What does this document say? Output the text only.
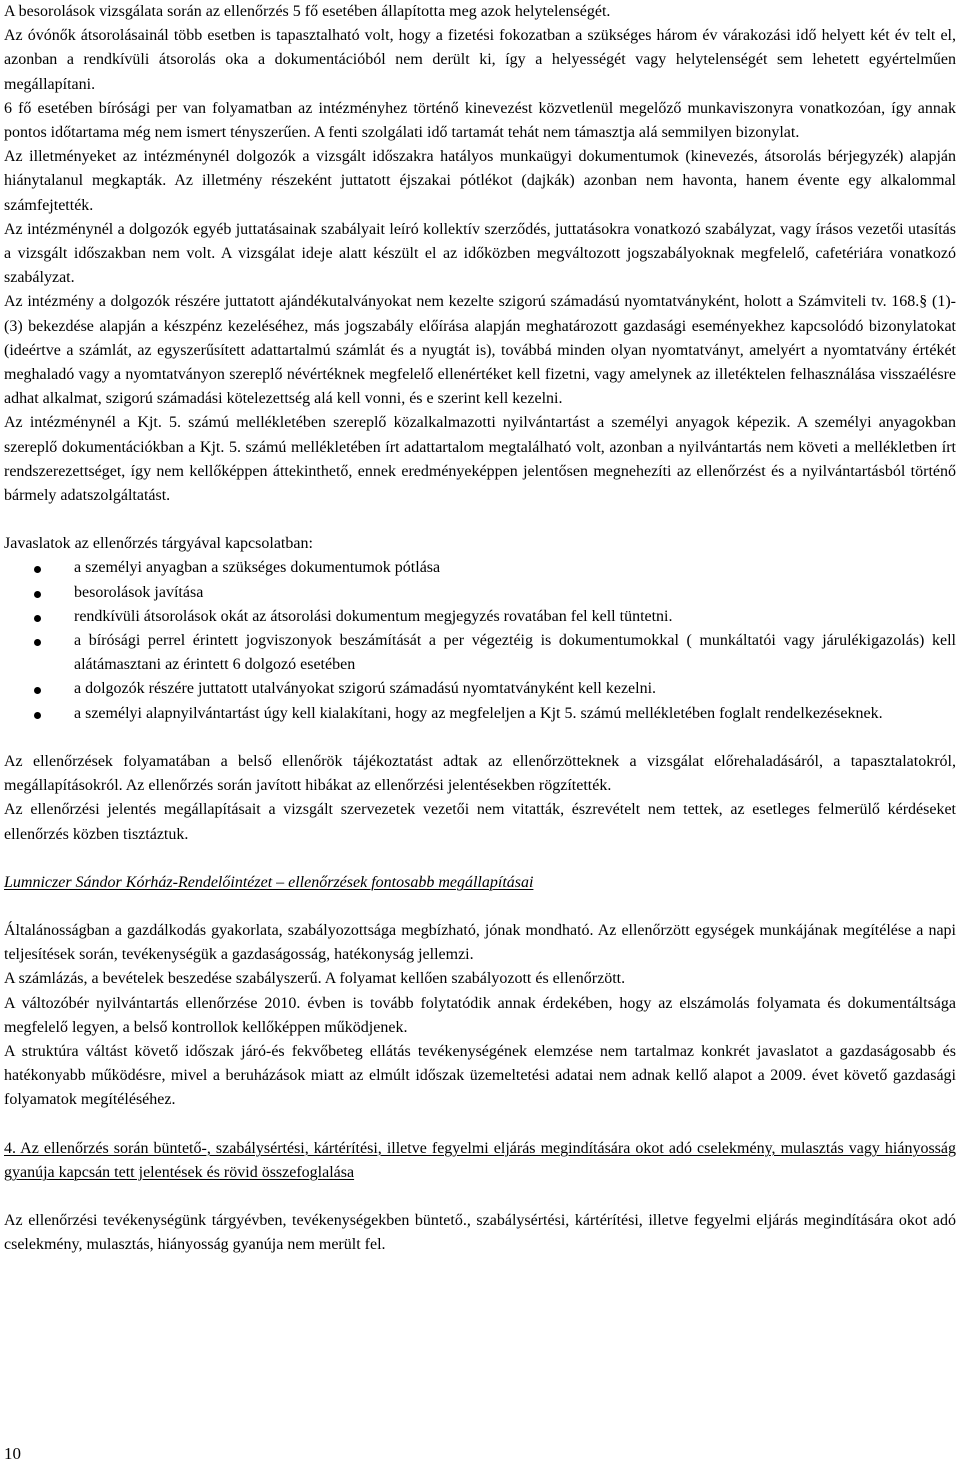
A besorolások vizsgálata során az ellenőrzés 5 fő esetében állapította meg azok helytelenségét.

Az óvónők átsorolásainál több esetben is tapasztalható volt, hogy a fizetési fokozatban a szükséges három év várakozási idő helyett két év telt el, azonban a rendkívüli átsorolás oka a dokumentációból nem derült ki, így a helyességét vagy helytelenségét sem lehetett egyértelműen megállapítani.

6 fő esetében bírósági per van folyamatban az intézményhez történő kinevezést közvetlenül megelőző munkaviszonyra vonatkozóan, így annak pontos időtartama még nem ismert tényszerűen. A fenti szolgálati idő tartamát tehát nem támasztja alá semmilyen bizonylat.

Az illetményeket az intézménynél dolgozók a vizsgált időszakra hatályos munkaügyi dokumentumok (kinevezés, átsorolás bérjegyzék) alapján hiánytalanul megkapták. Az illetmény részeként juttatott éjszakai pótlékot (dajkák) azonban nem havonta, hanem évente egy alkalommal számfejtették.

Az intézménynél a dolgozók egyéb juttatásainak szabályait leíró kollektív szerződés, juttatásokra vonatkozó szabályzat, vagy írásos vezetői utasítás a vizsgált időszakban nem volt. A vizsgálat ideje alatt készült el az időközben megváltozott jogszabályoknak megfelelő, cafetériára vonatkozó szabályzat.

Az intézmény a dolgozók részére juttatott ajándékutalványokat nem kezelte szigorú számadású nyomtatványként, holott a Számviteli tv. 168.§ (1)- (3) bekezdése alapján a készpénz kezeléséhez, más jogszabály előírása alapján meghatározott gazdasági eseményekhez kapcsolódó bizonylatokat (ideértve a számlát, az egyszerűsített adattartalmú számlát és a nyugtát is), továbbá minden olyan nyomtatványt, amelyért a nyomtatvány értékét meghaladó vagy a nyomtatványon szereplő névértéknek megfelelő ellenértéket kell fizetni, vagy amelynek az illetéktelen felhasználása visszaélésre adhat alkalmat, szigorú számadási kötelezettség alá kell vonni, és e szerint kell kezelni.

Az intézménynél a Kjt. 5. számú mellékletében szereplő közalkalmazotti nyilvántartást a személyi anyagok képezik. A személyi anyagokban szereplő dokumentációkban a Kjt. 5. számú mellékletében írt adattartalom megtalálható volt, azonban a nyilvántartás nem követi a mellékletben írt rendszerezettséget, így nem kellőképpen áttekinthető, ennek eredményeképpen jelentősen megnehezíti az ellenőrzést és a nyilvántartásból történő bármely adatszolgáltatást.

Javaslatok az ellenőrzés tárgyával kapcsolatban:

a személyi anyagban a szükséges dokumentumok pótlása
besorolások javítása
rendkívüli átsorolások okát az átsorolási dokumentum megjegyzés rovatában fel kell tüntetni.
a bírósági perrel érintett jogviszonyok beszámítását a per végeztéig is dokumentumokkal ( munkáltatói vagy járulékigazolás) kell alátámasztani az érintett 6 dolgozó esetében
a dolgozók részére juttatott utalványokat szigorú számadású nyomtatványként kell kezelni.
a személyi alapnyilvántartást úgy kell kialakítani, hogy az megfeleljen a Kjt 5. számú mellékletében foglalt rendelkezéseknek.

Az ellenőrzések folyamatában a belső ellenőrök tájékoztatást adtak az ellenőrzötteknek a vizsgálat előrehaladásáról, a tapasztalatokról, megállapításokról. Az ellenőrzés során javított hibákat az ellenőrzési jelentésekben rögzítették.

Az ellenőrzési jelentés megállapításait a vizsgált szervezetek vezetői nem vitatták, észrevételt nem tettek, az esetleges felmerülő kérdéseket ellenőrzés közben tisztáztuk.

Lumniczer Sándor Kórház-Rendelőintézet – ellenőrzések fontosabb megállapításai

Általánosságban a gazdálkodás gyakorlata, szabályozottsága megbízható, jónak mondható. Az ellenőrzött egységek munkájának megítélése a napi teljesítések során, tevékenységük a gazdaságosság, hatékonyság jellemzi.

A számlázás, a bevételek beszedése szabályszerű. A folyamat kellően szabályozott és ellenőrzött.

A változóbér nyilvántartás ellenőrzése 2010. évben is tovább folytatódik annak érdekében, hogy az elszámolás folyamata és dokumentáltsága megfelelő legyen, a belső kontrollok kellőképpen működjenek.

A struktúra váltást követő időszak járó-és fekvőbeteg ellátás tevékenységének elemzése nem tartalmaz konkrét javaslatot a gazdaságosabb és hatékonyabb működésre, mivel a beruházások miatt az elmúlt időszak üzemeltetési adatai nem adnak kellő alapot a 2009. évet követő gazdasági folyamatok megítéléséhez.

4. Az ellenőrzés során büntető-, szabálysértési, kártérítési, illetve fegyelmi eljárás megindítására okot adó cselekmény, mulasztás vagy hiányosság gyanúja kapcsán tett jelentések és rövid összefoglalása

Az ellenőrzési tevékenységünk tárgyévben, tevékenységekben büntető., szabálysértési, kártérítési, illetve fegyelmi eljárás megindítására okot adó cselekmény, mulasztás, hiányosság gyanúja nem merült fel.

10
